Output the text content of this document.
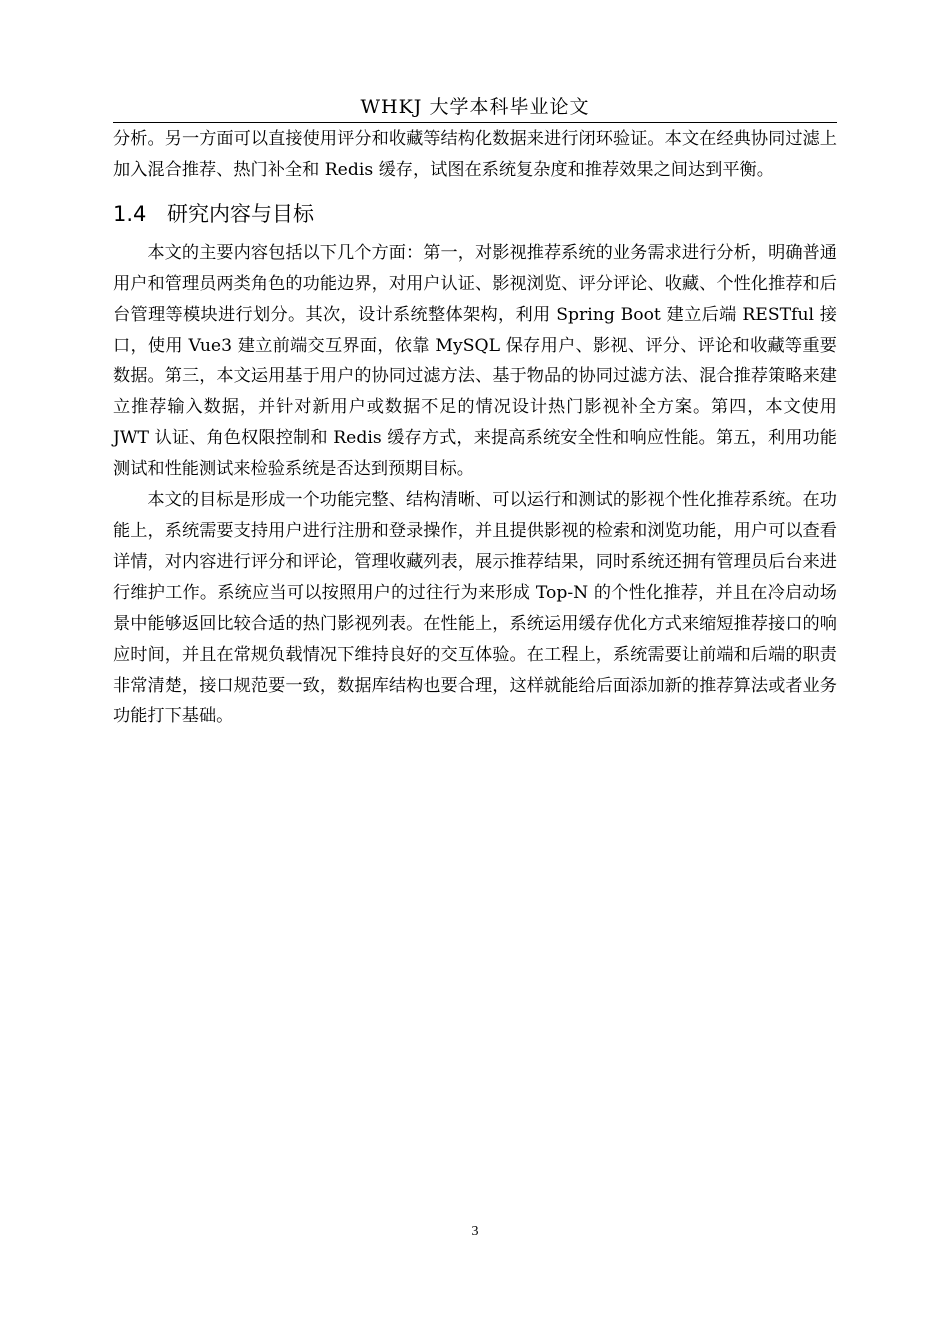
WHKJ 大学本科毕业论文

分析。另一方面可以直接使用评分和收藏等结构化数据来进行闭环验证。本文在经典协同过滤上加入混合推荐、热门补全和 Redis 缓存，试图在系统复杂度和推荐效果之间达到平衡。

1.4 研究内容与目标

本文的主要内容包括以下几个方面：第一，对影视推荐系统的业务需求进行分析，明确普通用户和管理员两类角色的功能边界，对用户认证、影视浏览、评分评论、收藏、个性化推荐和后台管理等模块进行划分。其次，设计系统整体架构，利用 Spring Boot 建立后端 RESTful 接口，使用 Vue3 建立前端交互界面，依靠 MySQL 保存用户、影视、评分、评论和收藏等重要数据。第三，本文运用基于用户的协同过滤方法、基于物品的协同过滤方法、混合推荐策略来建立推荐输入数据，并针对新用户或数据不足的情况设计热门影视补全方案。第四，本文使用 JWT 认证、角色权限控制和 Redis 缓存方式，来提高系统安全性和响应性能。第五，利用功能测试和性能测试来检验系统是否达到预期目标。

本文的目标是形成一个功能完整、结构清晰、可以运行和测试的影视个性化推荐系统。在功能上，系统需要支持用户进行注册和登录操作，并且提供影视的检索和浏览功能，用户可以查看详情，对内容进行评分和评论，管理收藏列表，展示推荐结果，同时系统还拥有管理员后台来进行维护工作。系统应当可以按照用户的过往行为来形成 Top-N 的个性化推荐，并且在冷启动场景中能够返回比较合适的热门影视列表。在性能上，系统运用缓存优化方式来缩短推荐接口的响应时间，并且在常规负载情况下维持良好的交互体验。在工程上，系统需要让前端和后端的职责非常清楚，接口规范要一致，数据库结构也要合理，这样就能给后面添加新的推荐算法或者业务功能打下基础。

3
